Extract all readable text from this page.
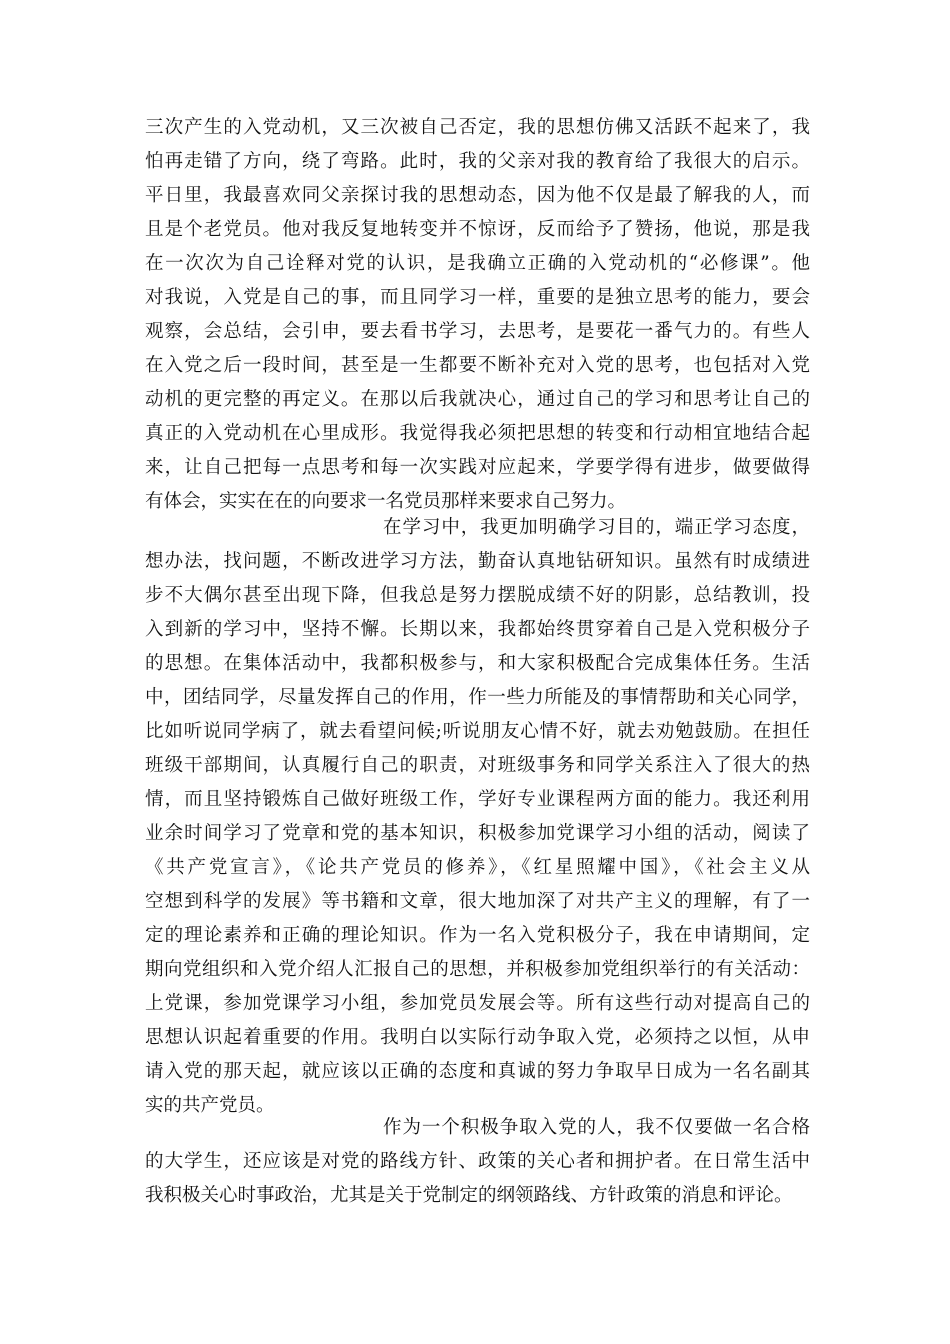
三次产生的入党动机，又三次被自己否定，我的思想仿佛又活跃不起来了，我
怕再走错了方向，绕了弯路。此时，我的父亲对我的教育给了我很大的启示。
平日里，我最喜欢同父亲探讨我的思想动态，因为他不仅是最了解我的人，而
且是个老党员。他对我反复地转变并不惊讶，反而给予了赞扬，他说，那是我
在一次次为自己诠释对党的认识，是我确立正确的入党动机的“必修课”。他
对我说，入党是自己的事，而且同学习一样，重要的是独立思考的能力，要会
观察，会总结，会引申，要去看书学习，去思考，是要花一番气力的。有些人
在入党之后一段时间，甚至是一生都要不断补充对入党的思考，也包括对入党
动机的更完整的再定义。在那以后我就决心，通过自己的学习和思考让自己的
真正的入党动机在心里成形。我觉得我必须把思想的转变和行动相宜地结合起
来，让自己把每一点思考和每一次实践对应起来，学要学得有进步，做要做得
有体会，实实在在的向要求一名党员那样来要求自己努力。
在学习中，我更加明确学习目的，端正学习态度，
想办法，找问题，不断改进学习方法，勤奋认真地钻研知识。虽然有时成绩进
步不大偶尔甚至出现下降，但我总是努力摆脱成绩不好的阴影，总结教训，投
入到新的学习中，坚持不懈。长期以来，我都始终贯穿着自己是入党积极分子
的思想。在集体活动中，我都积极参与，和大家积极配合完成集体任务。生活
中，团结同学，尽量发挥自己的作用，作一些力所能及的事情帮助和关心同学，
比如听说同学病了，就去看望问候;听说朋友心情不好，就去劝勉鼓励。在担任
班级干部期间，认真履行自己的职责，对班级事务和同学关系注入了很大的热
情，而且坚持锻炼自己做好班级工作，学好专业课程两方面的能力。我还利用
业余时间学习了党章和党的基本知识，积极参加党课学习小组的活动，阅读了
《共产党宣言》，《论共产党员的修养》，《红星照耀中国》，《社会主义从
空想到科学的发展》等书籍和文章，很大地加深了对共产主义的理解，有了一
定的理论素养和正确的理论知识。作为一名入党积极分子，我在申请期间，定
期向党组织和入党介绍人汇报自己的思想，并积极参加党组织举行的有关活动：
上党课，参加党课学习小组，参加党员发展会等。所有这些行动对提高自己的
思想认识起着重要的作用。我明白以实际行动争取入党，必须持之以恒，从申
请入党的那天起，就应该以正确的态度和真诚的努力争取早日成为一名名副其
实的共产党员。
作为一个积极争取入党的人，我不仅要做一名合格
的大学生，还应该是对党的路线方针、政策的关心者和拥护者。在日常生活中
我积极关心时事政治，尤其是关于党制定的纲领路线、方针政策的消息和评论。
